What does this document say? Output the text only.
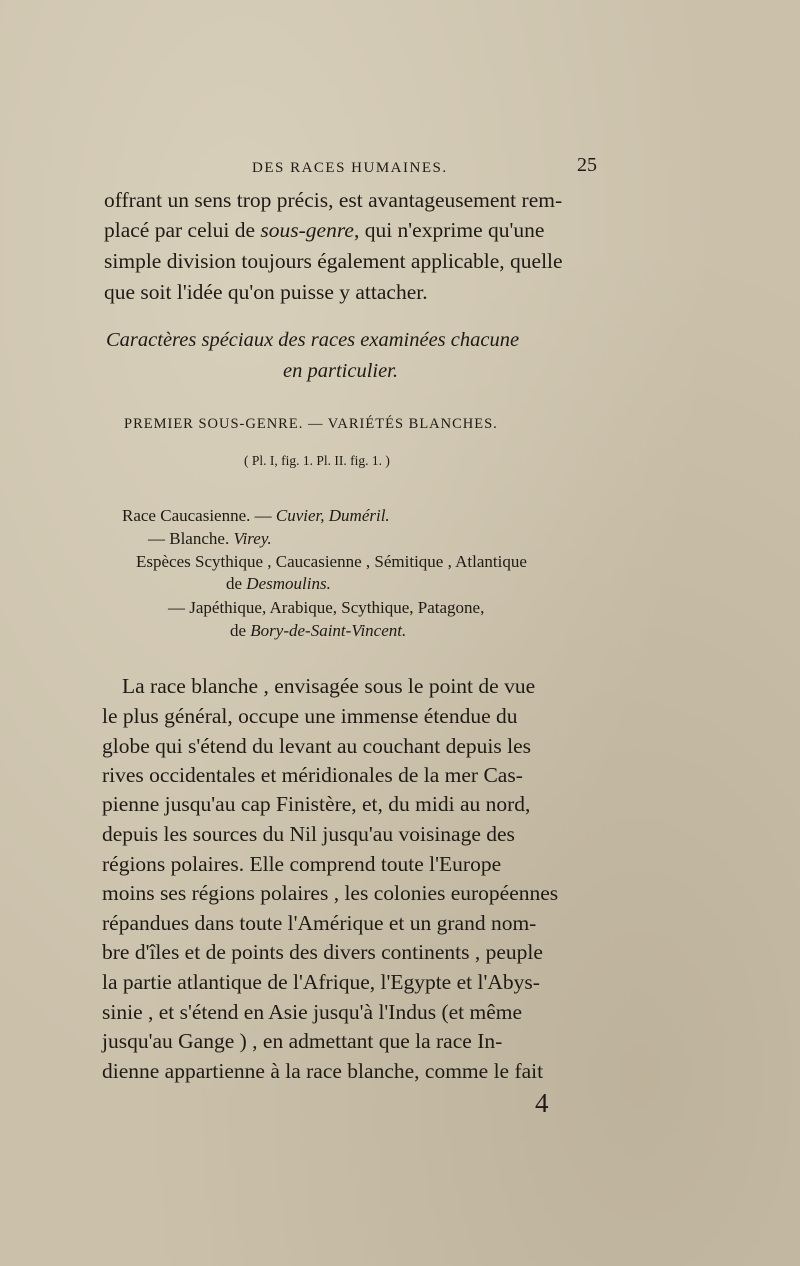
DES RACES HUMAINES.	25
offrant un sens trop précis, est avantageusement rem-
placé par celui de sous-genre, qui n'exprime qu'une
simple division toujours également applicable, quelle
que soit l'idée qu'on puisse y attacher.
Caractères spéciaux des races examinées chacune
en particulier.
PREMIER SOUS-GENRE. — VARIÉTÉS BLANCHES.
( Pl. I, fig. 1. Pl. II. fig. 1. )
Race Caucasienne. — Cuvier, Duméril.
— Blanche. Virey.
Espèces Scythique , Caucasienne , Sémitique , Atlantique
de Desmoulins.
— Japéthique, Arabique, Scythique, Patagone,
de Bory-de-Saint-Vincent.
La race blanche , envisagée sous le point de vue
le plus général, occupe une immense étendue du
globe qui s'étend du levant au couchant depuis les
rives occidentales et méridionales de la mer Cas-
pienne jusqu'au cap Finistère, et, du midi au nord,
depuis les sources du Nil jusqu'au voisinage des
régions polaires. Elle comprend toute l'Europe
moins ses régions polaires , les colonies européennes
répandues dans toute l'Amérique et un grand nom-
bre d'îles et de points des divers continents , peuple
la partie atlantique de l'Afrique, l'Egypte et l'Abys-
sinie , et s'étend en Asie jusqu'à l'Indus (et même
jusqu'au Gange ) , en admettant que la race In-
dienne appartienne à la race blanche, comme le fait
4
